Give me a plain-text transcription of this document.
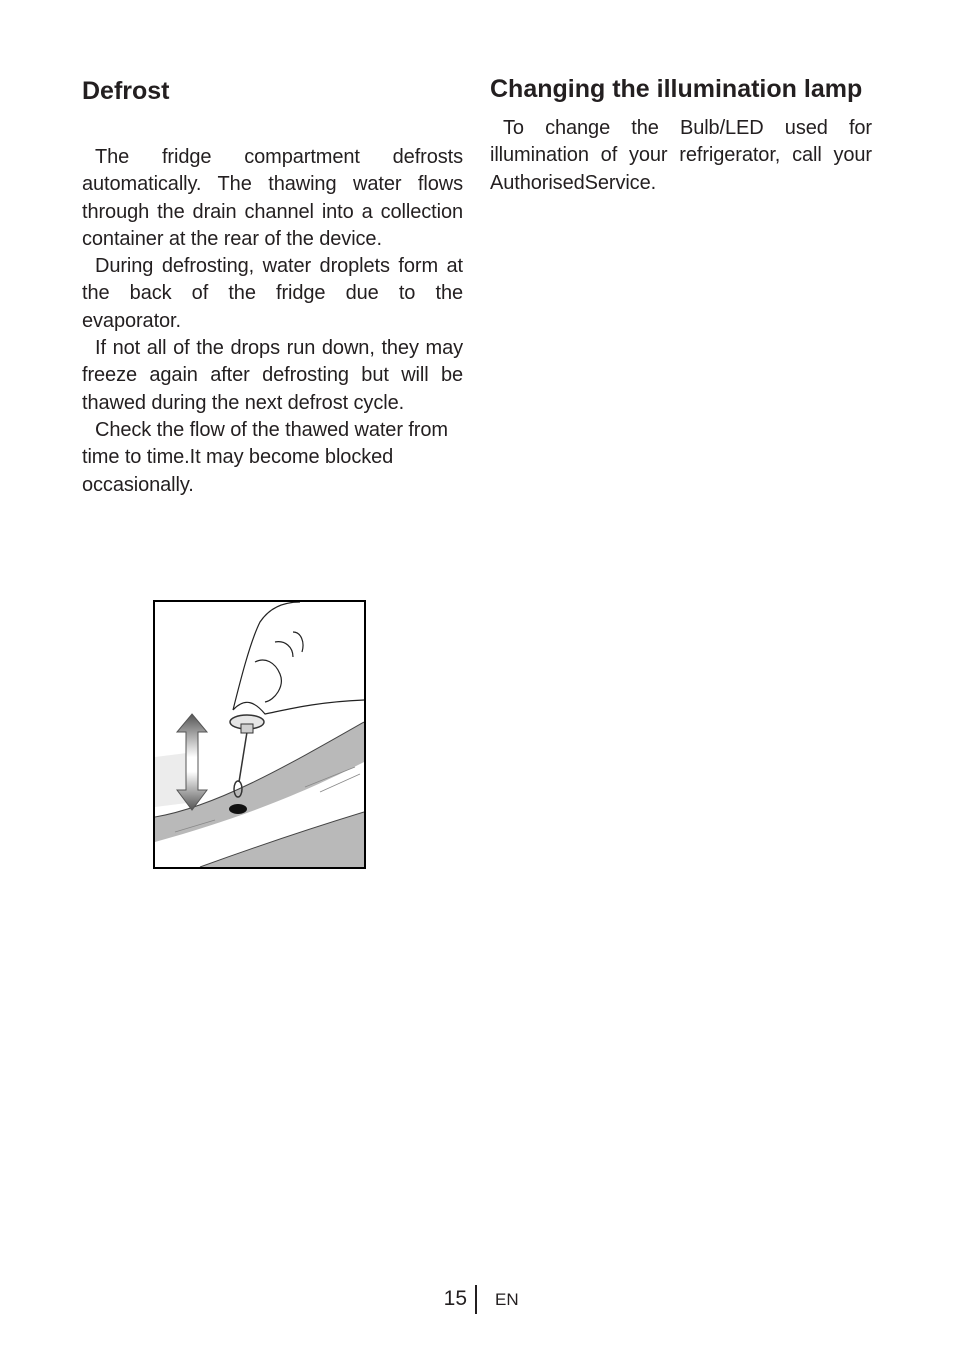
Defrost

The fridge compartment defrosts automatically. The thawing water flows through the drain channel into a collection container at the rear of the device.

During defrosting, water droplets form at the back of the fridge due to the evaporator.

If not all of the drops run down, they may freeze again after defrosting but will be thawed during the next defrost cycle.

Check the flow of the thawed water from time to time.It may become blocked occasionally.

Changing the illumination lamp

To change the Bulb/LED used for illumination of your refrigerator, call your AuthorisedService.

15 EN
